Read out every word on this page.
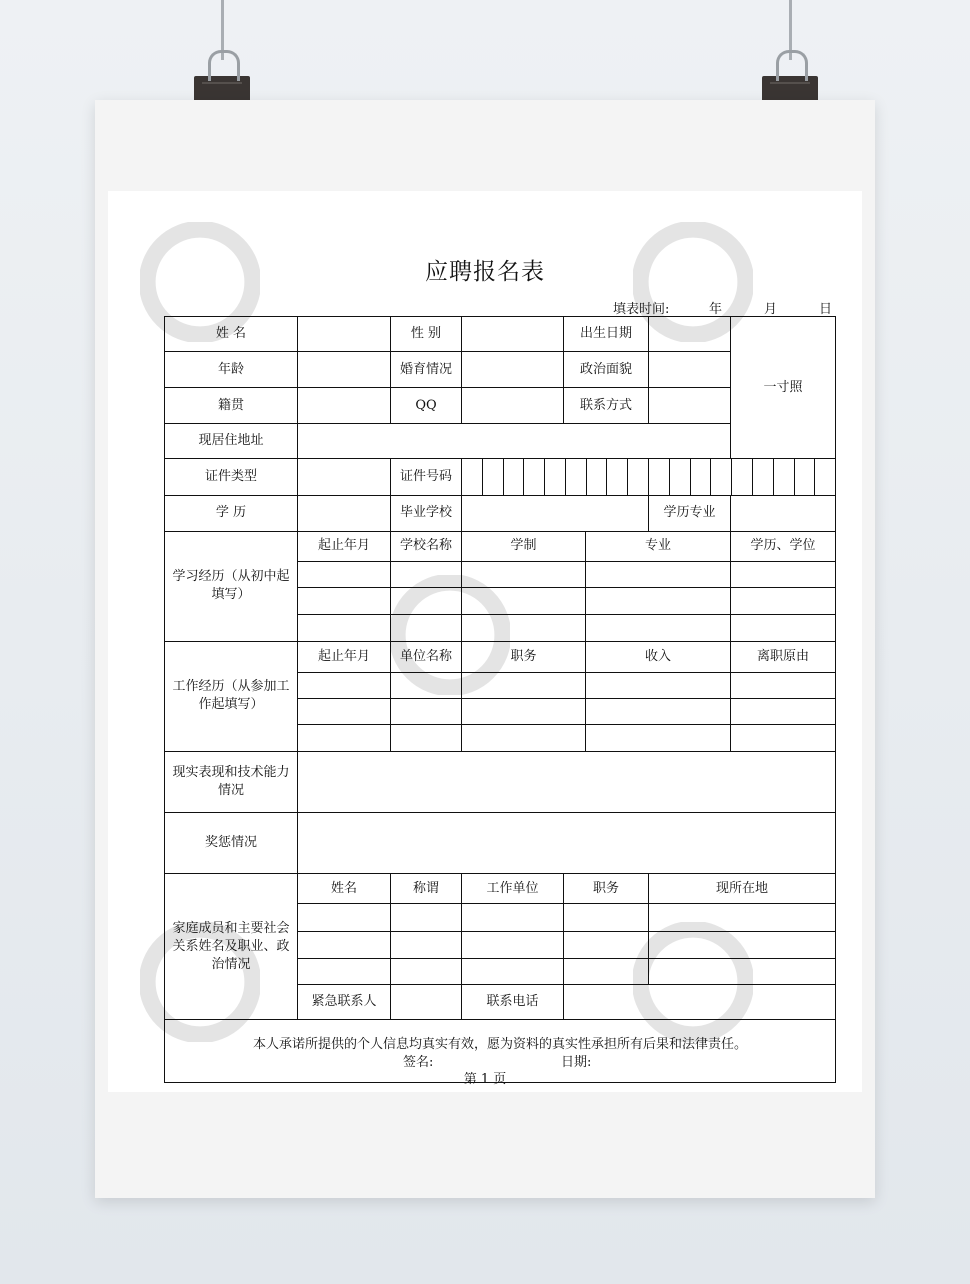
应聘报名表
填表时间:	年	月	日
姓 名		性 别		出生日期			一寸照
年龄		婚育情况		政治面貌			
籍贯		QQ		联系方式			
现居住地址							
证件类型		证件号码					

学 历		毕业学校				学历专业	
学习经历（从初中起填写）	起止年月	学校名称	学制		专业		学历、学位

工作经历（从参加工作起填写）	起止年月	单位名称	职务		收入		离职原由

现实表现和技术能力情况							
奖惩情况							
家庭成员和主要社会关系姓名及职业、政治情况	姓名	称谓	工作单位	职务		现所在地	

	紧急联系人		联系电话				

本人承诺所提供的个人信息均真实有效，愿为资料的真实性承担所有后果和法律责任。
签名: 日期:							
第 1 页
